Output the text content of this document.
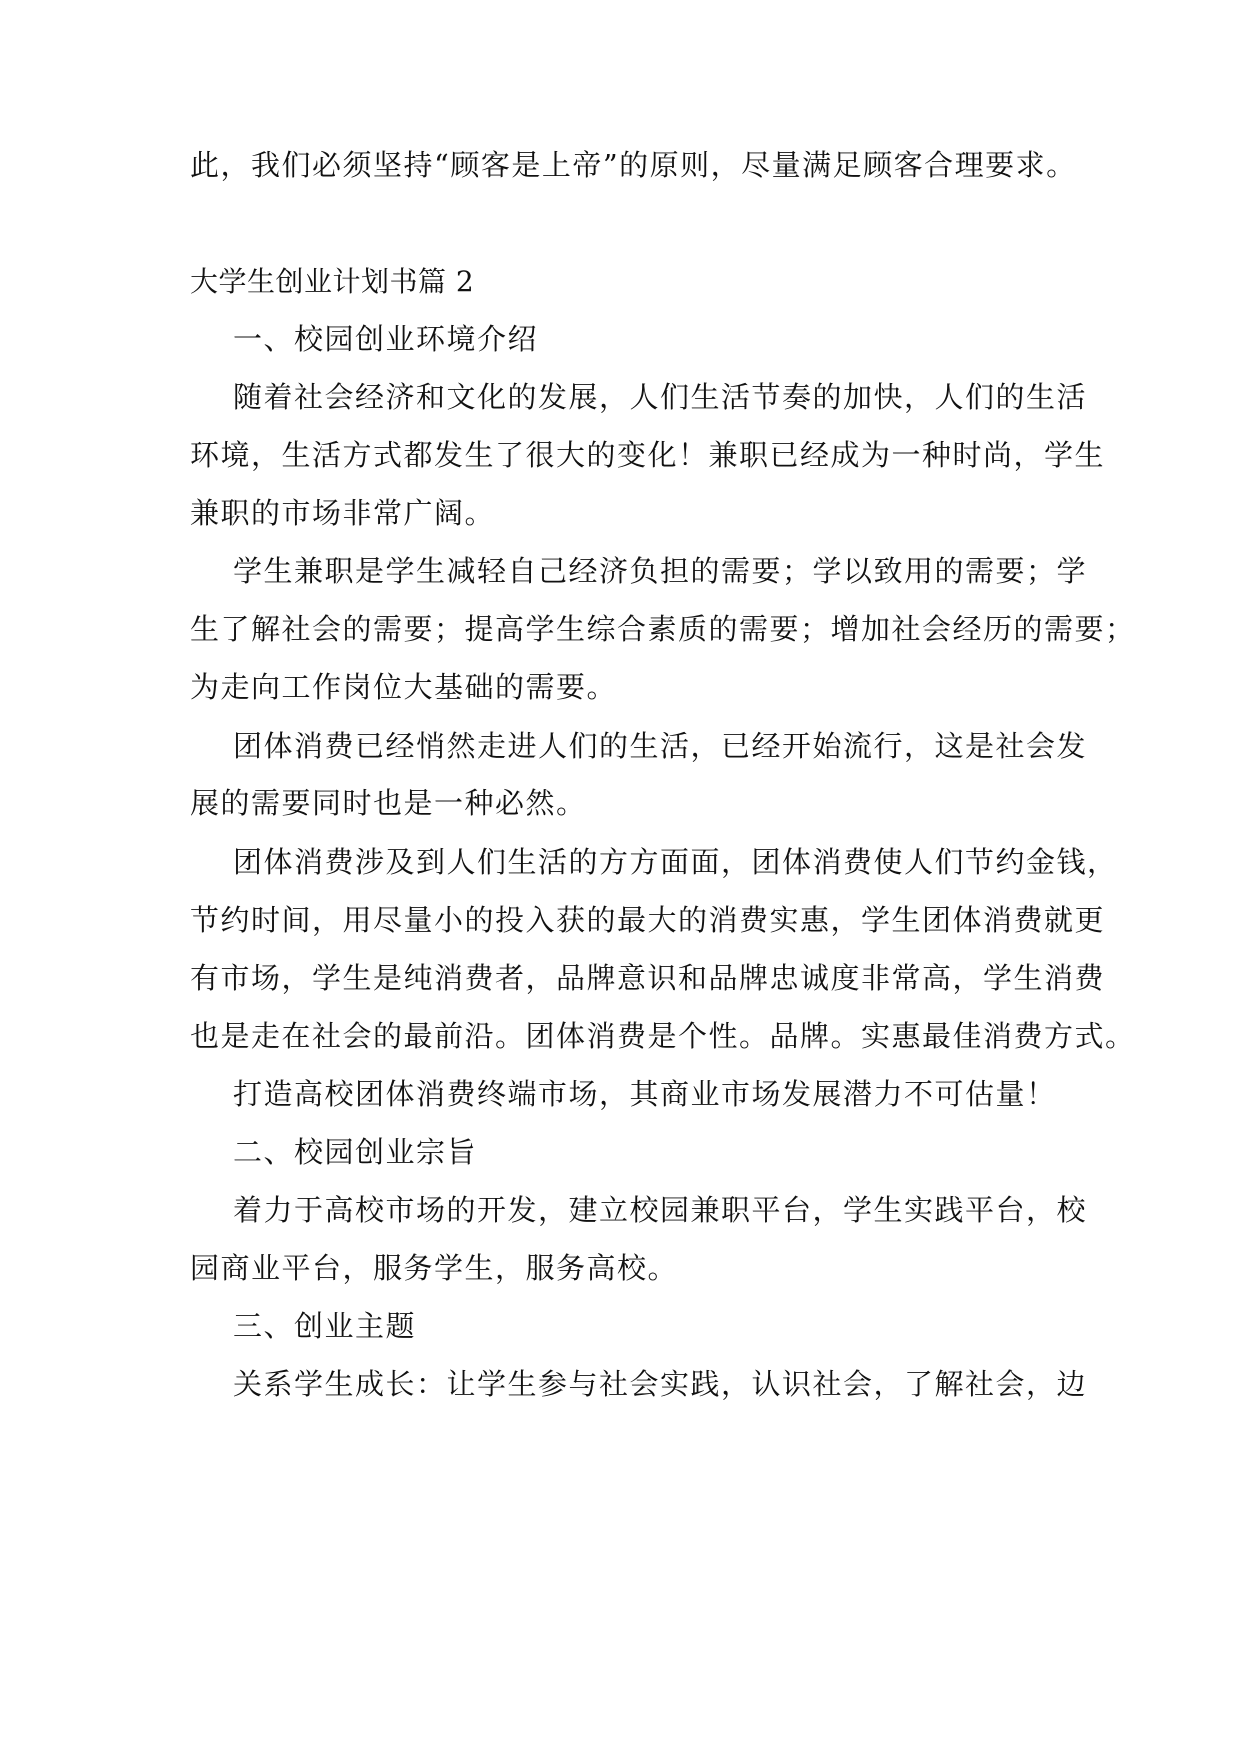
此，我们必须坚持“顾客是上帝”的原则，尽量满足顾客合理要求。
大学生创业计划书篇 2
一、校园创业环境介绍
随着社会经济和文化的发展，人们生活节奏的加快，人们的生活
环境，生活方式都发生了很大的变化！兼职已经成为一种时尚，学生
兼职的市场非常广阔。
学生兼职是学生减轻自己经济负担的需要；学以致用的需要；学
生了解社会的需要；提高学生综合素质的需要；增加社会经历的需要；
为走向工作岗位大基础的需要。
团体消费已经悄然走进人们的生活，已经开始流行，这是社会发
展的需要同时也是一种必然。
团体消费涉及到人们生活的方方面面，团体消费使人们节约金钱，
节约时间，用尽量小的投入获的最大的消费实惠，学生团体消费就更
有市场，学生是纯消费者，品牌意识和品牌忠诚度非常高，学生消费
也是走在社会的最前沿。团体消费是个性。品牌。实惠最佳消费方式。
打造高校团体消费终端市场，其商业市场发展潜力不可估量！
二、校园创业宗旨
着力于高校市场的开发，建立校园兼职平台，学生实践平台，校
园商业平台，服务学生，服务高校。
三、创业主题
关系学生成长：让学生参与社会实践，认识社会，了解社会，边
